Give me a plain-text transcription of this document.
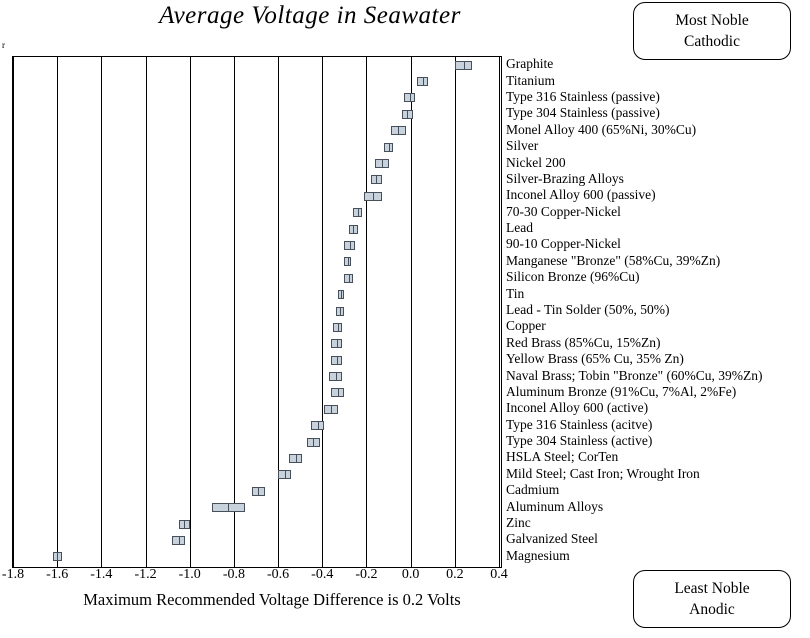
Average Voltage in Seawater	Most Noble
Cathodic
Least Noble
Anodic
r
Graphite
Titanium
Type 316 Stainless (passive)
Type 304 Stainless (passive)
Monel Alloy 400 (65%Ni, 30%Cu)
Silver
Nickel 200
Silver-Brazing Alloys
Inconel Alloy 600 (passive)
70-30 Copper-Nickel
Lead
90-10 Copper-Nickel
Manganese "Bronze" (58%Cu, 39%Zn)
Silicon Bronze (96%Cu)
Tin
Lead - Tin Solder (50%, 50%)
Copper
Red Brass (85%Cu, 15%Zn)
Yellow Brass (65% Cu, 35% Zn)
Naval Brass; Tobin "Bronze" (60%Cu, 39%Zn)
Aluminum Bronze (91%Cu, 7%Al, 2%Fe)
Inconel Alloy 600 (active)
Type 316 Stainless (acitve)
Type 304 Stainless (active)
HSLA Steel; CorTen
Mild Steel; Cast Iron; Wrought Iron
Cadmium
Aluminum Alloys
Zinc
Galvanized Steel
Magnesium
-1.8 -1.6 -1.4 -1.2 -1.0 -0.8 -0.6 -0.4 -0.2 0.0 0.2 0.4
Maximum Recommended Voltage Difference is 0.2 Volts
